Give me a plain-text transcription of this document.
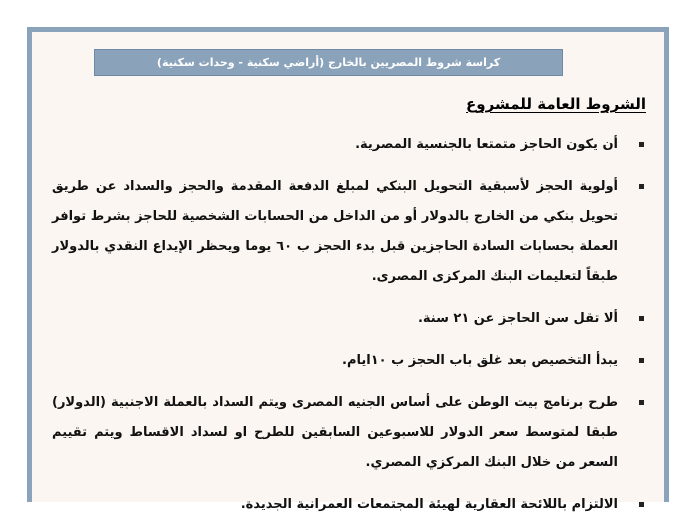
كراسة شروط المصريين بالخارج (أراضي سكنية - وحدات سكنية)
الشروط العامة للمشروع
أن يكون الحاجز متمتعا بالجنسية المصرية.
أولوية الحجز لأسبقية التحويل البنكي لمبلغ الدفعة المقدمة والحجز والسداد عن طريق تحويل بنكي من الخارج بالدولار أو من الداخل من الحسابات الشخصية للحاجز بشرط توافر العملة بحسابات السادة الحاجزين قبل بدء الحجز ب ٦٠ يوما ويحظر الإيداع النقدي بالدولار طبقاً لتعليمات البنك المركزى المصرى.
ألا تقل سن الحاجز عن ٢١ سنة.
يبدأ التخصيص بعد غلق باب الحجز ب ١٠ايام.
طرح برنامج بيت الوطن على أساس الجنيه المصرى ويتم السداد بالعملة الاجنبية (الدولار) طبقا لمتوسط سعر الدولار للاسبوعين السابقين للطرح او لسداد الاقساط ويتم تقييم السعر من خلال البنك المركزي المصري.
الالتزام باللائحة العقارية لهيئة المجتمعات العمرانية الجديدة.
